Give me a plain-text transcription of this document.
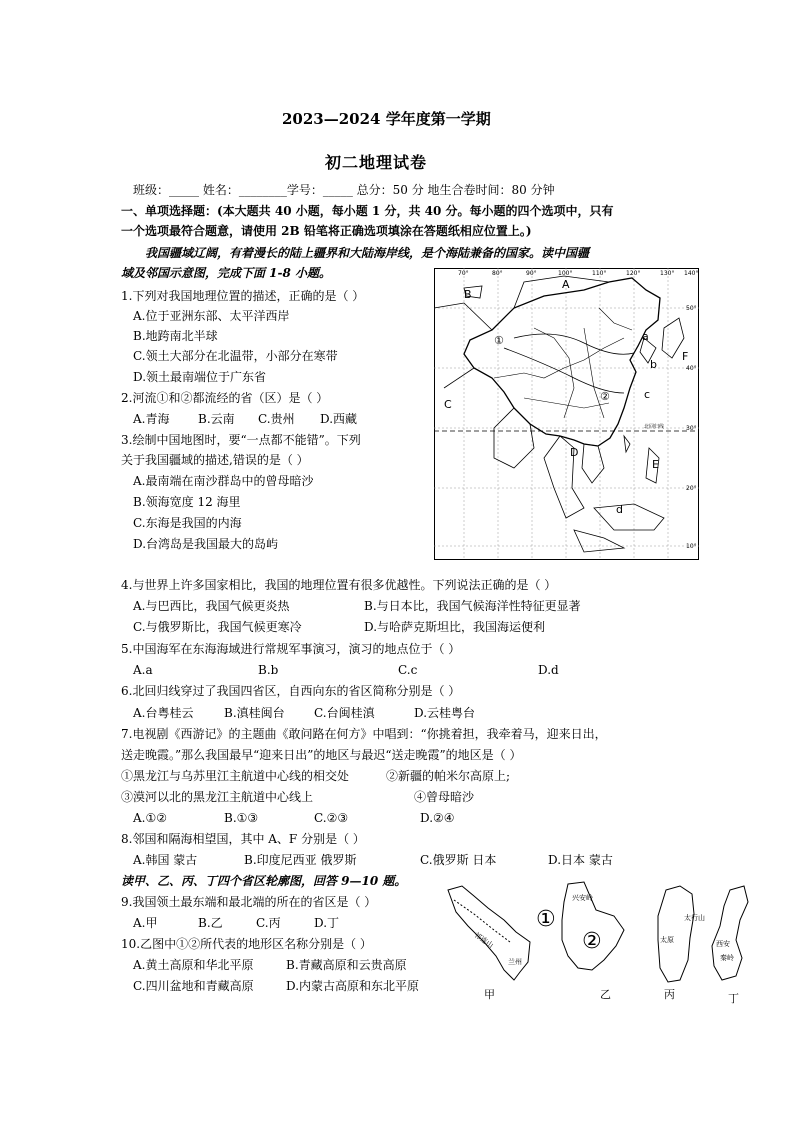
2023—2024 学年度第一学期
初二地理试卷
班级：_____ 姓名：________学号：_____ 总分：50 分 地生合卷时间：80 分钟
一、单项选择题：(本大题共 40 小题，每小题 1 分，共 40 分。每小题的四个选项中，只有
一个选项最符合题意，请使用 2B 铅笔将正确选项填涂在答题纸相应位置上。)
我国疆域辽阔，有着漫长的陆上疆界和大陆海岸线，是个海陆兼备的国家。读中国疆
域及邻国示意图，完成下面 1-8 小题。
1.下列对我国地理位置的描述，正确的是（ ）
A.位于亚洲东部、太平洋西岸
B.地跨南北半球
C.领土大部分在北温带，小部分在寒带
D.领土最南端位于广东省
2.河流①和②都流经的省（区）是（ ）
A.青海 B.云南 C.贵州 D.西藏
3.绘制中国地图时，要“一点都不能错”。下列
关于我国疆域的描述,错误的是（ ）
A.最南端在南沙群岛中的曾母暗沙
B.领海宽度 12 海里
C.东海是我国的内海
D.台湾岛是我国最大的岛屿
70°	80°	90°	100°	110°	120°	130° 140°
50°
40°
30°
20°
10°
北回归线
A
B
C
D
E
F
a
b
c
d
①
②
4.与世界上许多国家相比，我国的地理位置有很多优越性。下列说法正确的是（ ）
A.与巴西比，我国气候更炎热	B.与日本比，我国气候海洋性特征更显著
C.与俄罗斯比，我国气候更寒冷	D.与哈萨克斯坦比，我国海运便利
5.中国海军在东海海域进行常规军事演习，演习的地点位于（ ）
A.a	B.b	C.c	D.d
6.北回归线穿过了我国四省区，自西向东的省区简称分别是（ ）
A.台粤桂云	B.滇桂闽台 C.台闽桂滇	D.云桂粤台
7.电视剧《西游记》的主题曲《敢问路在何方》中唱到：“你挑着担，我牵着马，迎来日出，
送走晚霞。”那么我国最早“迎来日出”的地区与最迟“送走晚霞”的地区是（ ）
①黑龙江与乌苏里江主航道中心线的相交处	②新疆的帕米尔高原上;
③漠河以北的黑龙江主航道中心线上	④曾母暗沙
A.①②	B.①③	C.②③	D.②④
8.邻国和隔海相望国，其中 A、F 分别是（ ）
A.韩国 蒙古	B.印度尼西亚 俄罗斯	C.俄罗斯 日本	D.日本 蒙古
读甲、乙、丙、丁四个省区轮廓图，回答 9—10 题。
9.我国领土最东端和最北端的所在的省区是（ ）
A.甲	B.乙	C.丙	D.丁
10.乙图中①②所代表的地形区名称分别是（ ）
A.黄土高原和华北平原	B.青藏高原和云贵高原
C.四川盆地和青藏高原	D.内蒙古高原和东北平原
祁连山
兰州
甲
兴安岭
①
②
乙
太行山
太原
丙
西安
秦岭
丁
